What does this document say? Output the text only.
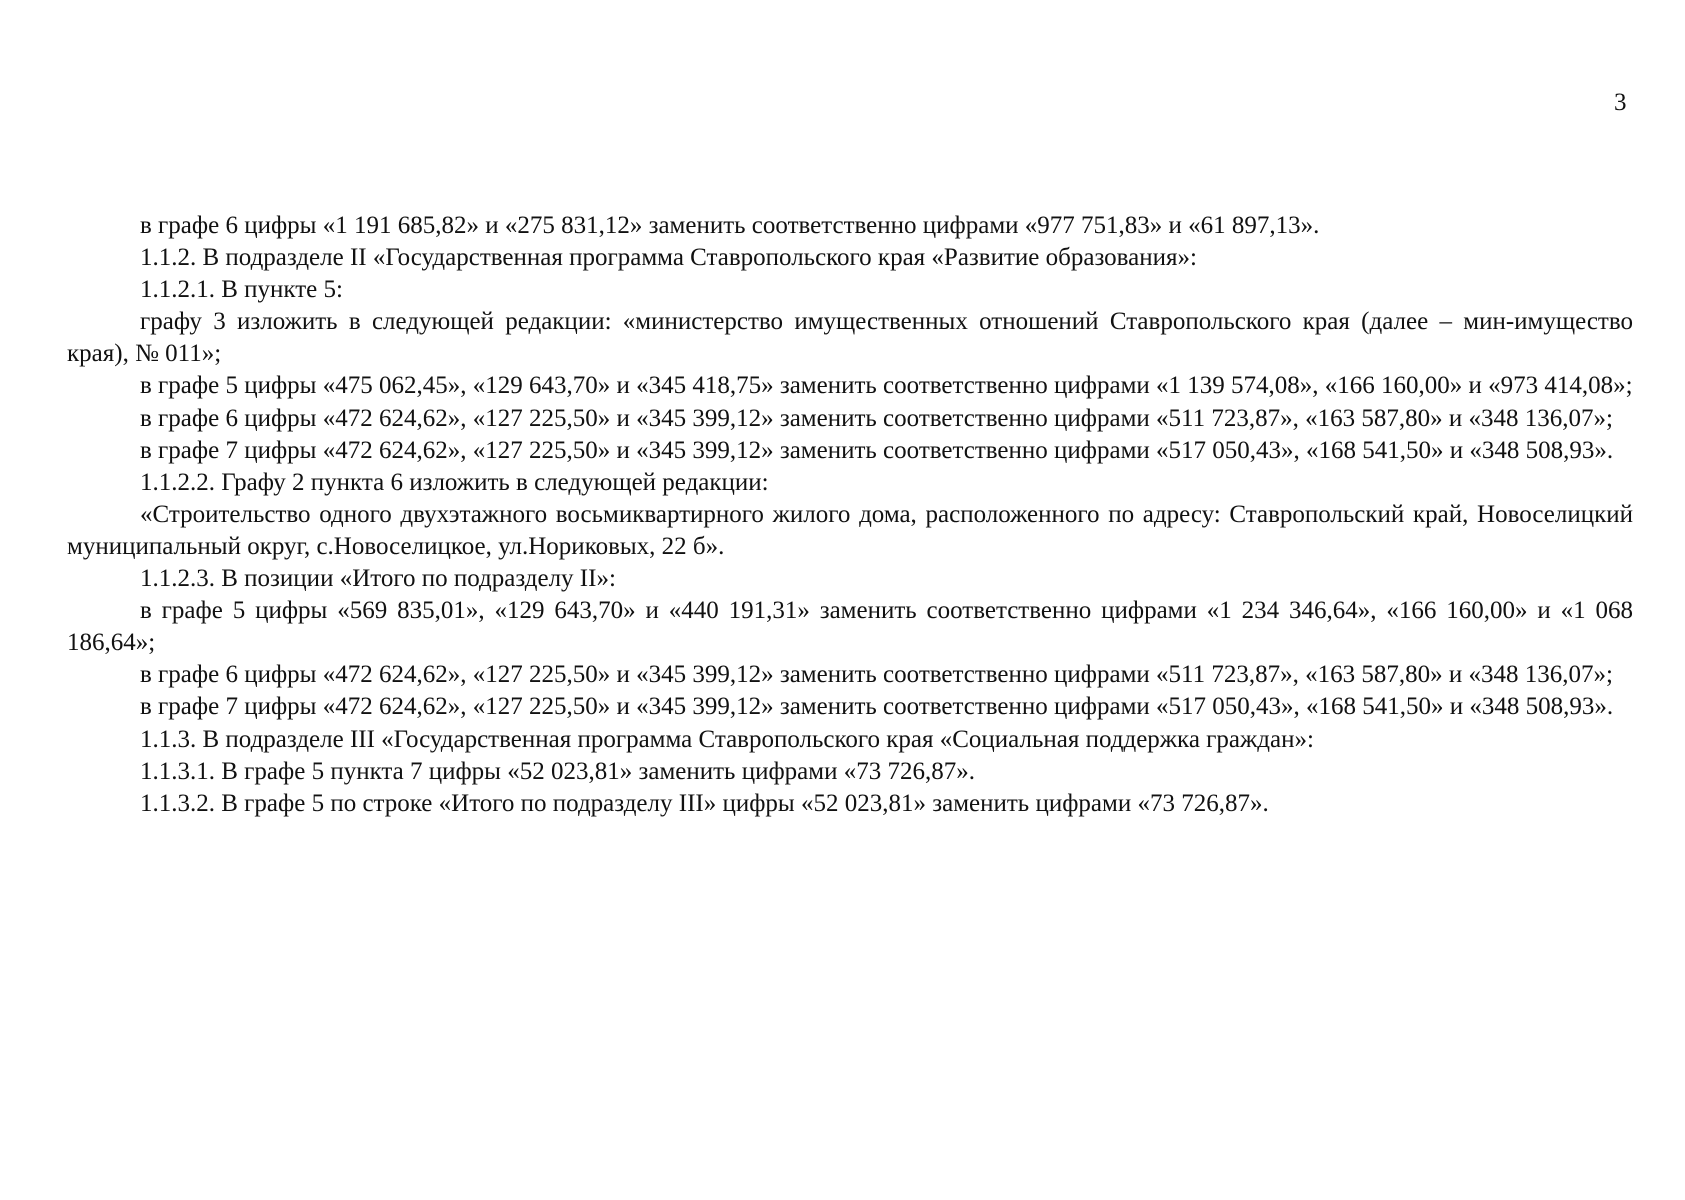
3

в графе 6 цифры «1 191 685,82» и «275 831,12» заменить соответственно цифрами «977 751,83» и «61 897,13».

1.1.2. В подразделе II «Государственная программа Ставропольского края «Развитие образования»:

1.1.2.1. В пункте 5:

графу 3 изложить в следующей редакции: «министерство имущественных отношений Ставропольского края (далее – мин-имущество края), № 011»;

в графе 5 цифры «475 062,45», «129 643,70» и «345 418,75» заменить соответственно цифрами «1 139 574,08», «166 160,00» и «973 414,08»;

в графе 6 цифры «472 624,62», «127 225,50» и «345 399,12» заменить соответственно цифрами «511 723,87», «163 587,80» и «348 136,07»;

в графе 7 цифры «472 624,62», «127 225,50» и «345 399,12» заменить соответственно цифрами «517 050,43», «168 541,50» и «348 508,93».

1.1.2.2. Графу 2 пункта 6 изложить в следующей редакции:

«Строительство одного двухэтажного восьмиквартирного жилого дома, расположенного по адресу: Ставропольский край, Новоселицкий муниципальный округ, с.Новоселицкое, ул.Нориковых, 22 б».

1.1.2.3. В позиции «Итого по подразделу II»:

в графе 5 цифры «569 835,01», «129 643,70» и «440 191,31» заменить соответственно цифрами «1 234 346,64», «166 160,00» и «1 068 186,64»;

в графе 6 цифры «472 624,62», «127 225,50» и «345 399,12» заменить соответственно цифрами «511 723,87», «163 587,80» и «348 136,07»;

в графе 7 цифры «472 624,62», «127 225,50» и «345 399,12» заменить соответственно цифрами «517 050,43», «168 541,50» и «348 508,93».

1.1.3. В подразделе III «Государственная программа Ставропольского края «Социальная поддержка граждан»:

1.1.3.1. В графе 5 пункта 7 цифры «52 023,81» заменить цифрами «73 726,87».

1.1.3.2. В графе 5 по строке «Итого по подразделу III» цифры «52 023,81» заменить цифрами «73 726,87».
